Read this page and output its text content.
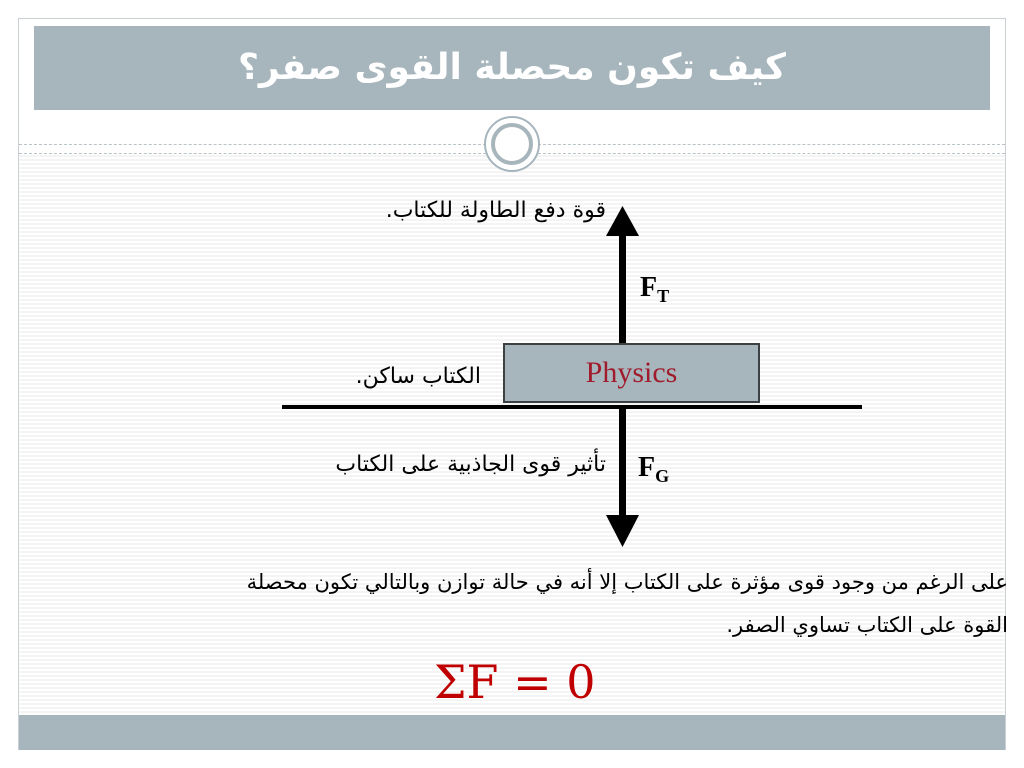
كيف تكون محصلة القوى صفر؟
قوة دفع الطاولة للكتاب.
$F_T$
الكتاب ساكن.	Physics
تأثير قوى الجاذبية على الكتاب $F_G$
على الرغم من وجود قوى مؤثرة على الكتاب إلا أنه في حالة توازن وبالتالي تكون محصلة
القوة على الكتاب تساوي الصفر.
ΣF = 0
